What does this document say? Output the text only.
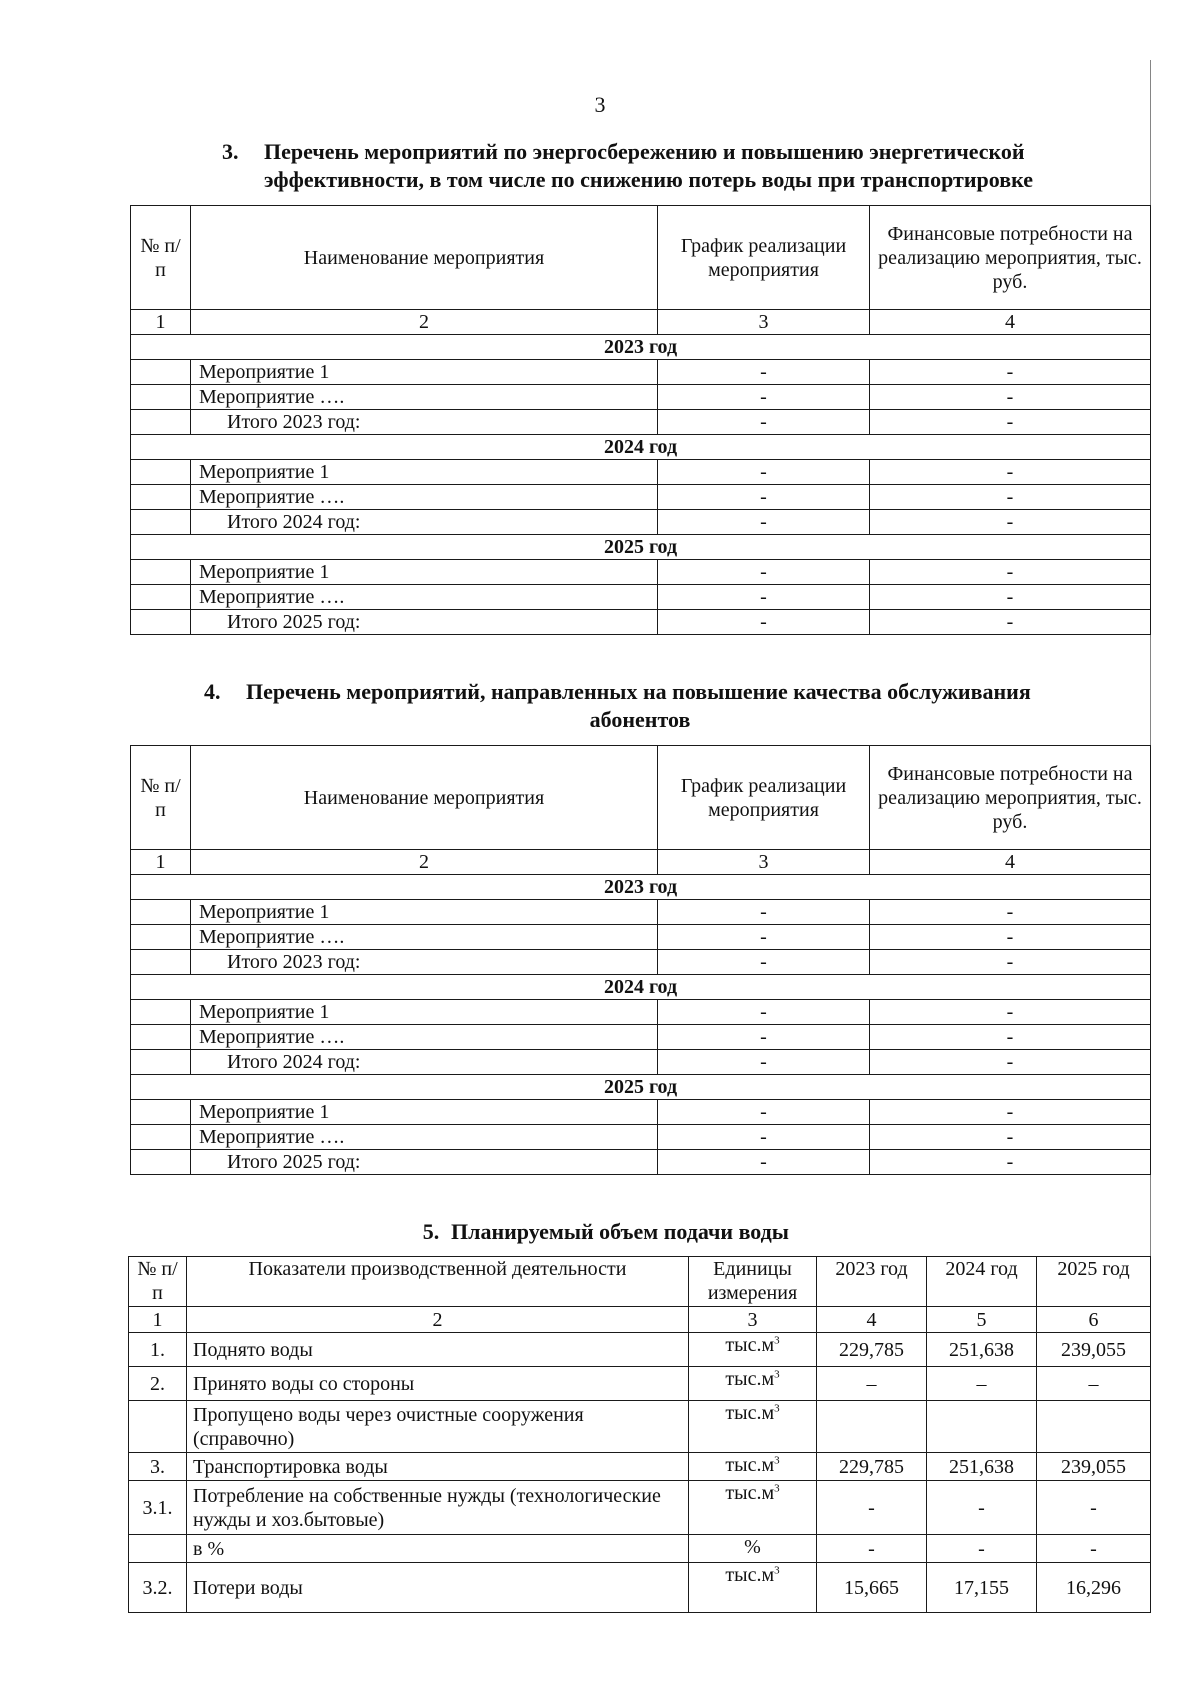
3
3. Перечень мероприятий по энергосбережению и повышению энергетической
эффективности, в том числе по снижению потерь воды при транспортировке
№ п/п	Наименование мероприятия	График реализации мероприятия	Финансовые потребности на реализацию мероприятия, тыс. руб.
1	2	3	4
2023 год			
	Мероприятие 1	-	-
	Мероприятие ….	-	-
	Итого 2023 год:	-	-
2024 год			
	Мероприятие 1	-	-
	Мероприятие ….	-	-
	Итого 2024 год:	-	-
2025 год			
	Мероприятие 1	-	-
	Мероприятие ….	-	-
	Итого 2025 год:	-	-
4. Перечень мероприятий, направленных на повышение качества обслуживания
абонентов
№ п/п	Наименование мероприятия	График реализации мероприятия	Финансовые потребности на реализацию мероприятия, тыс. руб.
1	2	3	4
2023 год			
	Мероприятие 1	-	-
	Мероприятие ….	-	-
	Итого 2023 год:	-	-
2024 год			
	Мероприятие 1	-	-
	Мероприятие ….	-	-
	Итого 2024 год:	-	-
2025 год			
	Мероприятие 1	-	-
	Мероприятие ….	-	-
	Итого 2025 год:	-	-
5. Планируемый объем подачи воды
№ п/п	Показатели производственной деятельности	Единицы измерения	2023 год	2024 год	2025 год
1	2	3	4	5	6
1.	Поднято воды	$тыс.м^3$	229,785	251,638	239,055
2.	Принято воды со стороны	$тыс.м^3$	–	–	–
	Пропущено воды через очистные сооружения (справочно)	$тыс.м^3$			
3.	Транспортировка воды	$тыс.м^3$	229,785	251,638	239,055
3.1.	Потребление на собственные нужды (технологические нужды и хоз.бытовые)	$тыс.м^3$	-	-	-
	в %	%	-	-	-
3.2.	Потери воды	$тыс.м^3$	15,665	17,155	16,296
